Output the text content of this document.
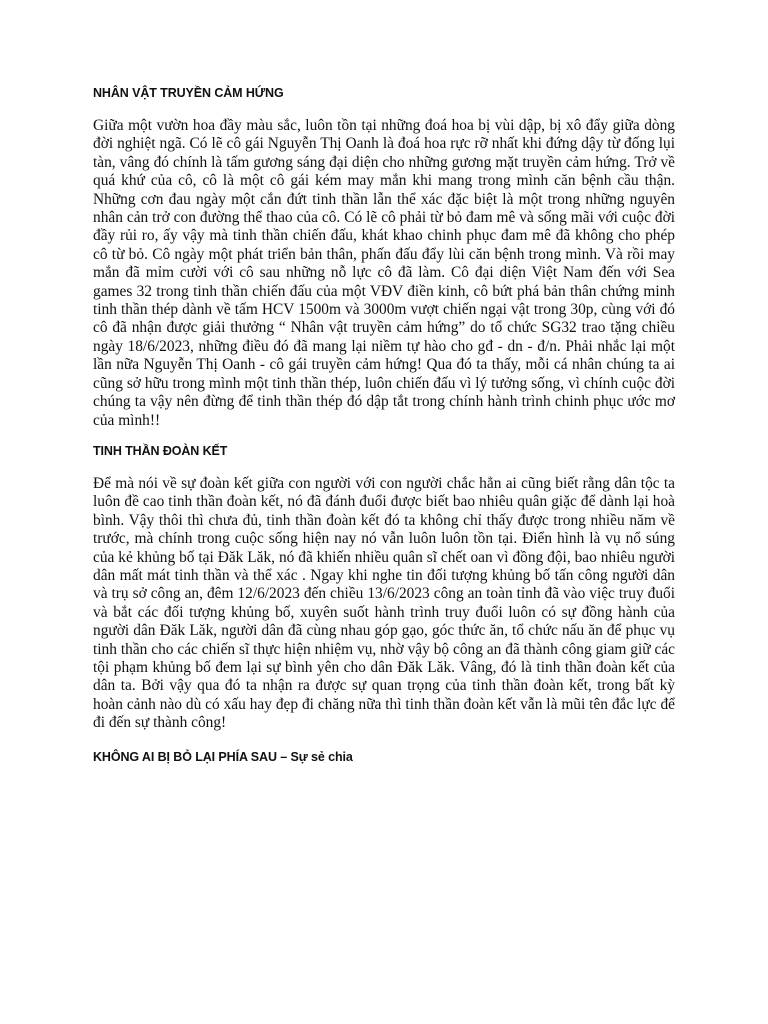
NHÂN VẬT TRUYỀN CẢM HỨNG

Giữa một vườn hoa đầy màu sắc, luôn tồn tại những đoá hoa bị vùi dập, bị xô đẩy giữa dòng đời nghiệt ngã. Có lẽ cô gái Nguyễn Thị Oanh là đoá hoa rực rỡ nhất khi đứng dậy từ đống lụi tàn, vâng đó chính là tấm gương sáng đại diện cho những gương mặt truyền cảm hứng. Trở về quá khứ của cô, cô là một cô gái kém may mắn khi mang trong mình căn bệnh cầu thận. Những cơn đau ngày một cắn đứt tinh thần lẫn thể xác đặc biệt là một trong những nguyên nhân cản trở con đường thể thao của cô. Có lẽ cô phải từ bỏ đam mê và sống mãi với cuộc đời đầy rủi ro, ấy vậy mà tinh thần chiến đấu, khát khao chinh phục đam mê đã không cho phép cô từ bỏ. Cô ngày một phát triển bản thân, phấn đấu đẩy lùi căn bệnh trong mình. Và rồi may mắn đã mỉm cười với cô sau những nỗ lực cô đã làm. Cô đại diện Việt Nam đến với Sea games 32 trong tinh thần chiến đấu của một VĐV điền kinh, cô bứt phá bản thân chứng minh tinh thần thép dành về tấm HCV 1500m và 3000m vượt chiến ngại vật trong 30p, cùng với đó cô đã nhận được giải thưởng “ Nhân vật truyền cảm hứng” do tổ chức SG32 trao tặng chiều ngày 18/6/2023, những điều đó đã mang lại niềm tự hào cho gđ - dn - đ/n. Phải nhắc lại một lần nữa Nguyễn Thị Oanh - cô gái truyền cảm hứng! Qua đó ta thấy, mỗi cá nhân chúng ta ai cũng sở hữu trong mình một tinh thần thép, luôn chiến đấu vì lý tưởng sống, vì chính cuộc đời chúng ta vậy nên đừng để tinh thần thép đó dập tắt trong chính hành trình chinh phục ước mơ của mình!!

TINH THẦN ĐOÀN KẾT

Để mà nói về sự đoàn kết giữa con người với con người chắc hẳn ai cũng biết rằng dân tộc ta luôn đề cao tinh thần đoàn kết, nó đã đánh đuổi được biết bao nhiêu quân giặc để dành lại hoà bình. Vậy thôi thì chưa đủ, tinh thần đoàn kết đó ta không chỉ thấy được trong nhiều năm về trước, mà chính trong cuộc sống hiện nay nó vẫn luôn luôn tồn tại. Điển hình là vụ nổ súng của kẻ khủng bố tại Đăk Lăk, nó đã khiến nhiều quân sĩ chết oan vì đồng đội, bao nhiêu người dân mất mát tinh thần và thể xác . Ngay khi nghe tin đối tượng khủng bố tấn công người dân và trụ sở công an, đêm 12/6/2023 đến chiều 13/6/2023 công an toàn tỉnh đã vào việc truy đuổi và bắt các đối tượng khủng bố, xuyên suốt hành trình truy đuổi luôn có sự đồng hành của người dân Đăk Lăk, người dân đã cùng nhau góp gạo, góc thức ăn, tổ chức nấu ăn để phục vụ tinh thần cho các chiến sĩ thực hiện nhiệm vụ, nhờ vậy bộ công an đã thành công giam giữ các tội phạm khủng bố đem lại sự bình yên cho dân Đăk Lăk. Vâng, đó là tinh thần đoàn kết của dân ta. Bởi vậy qua đó ta nhận ra được sự quan trọng của tinh thần đoàn kết, trong bất kỳ hoàn cảnh nào dù có xấu hay đẹp đi chăng nữa thì tinh thần đoàn kết vẫn là mũi tên đắc lực để đi đến sự thành công!

KHÔNG AI BỊ BỎ LẠI PHÍA SAU – Sự sẻ chia
